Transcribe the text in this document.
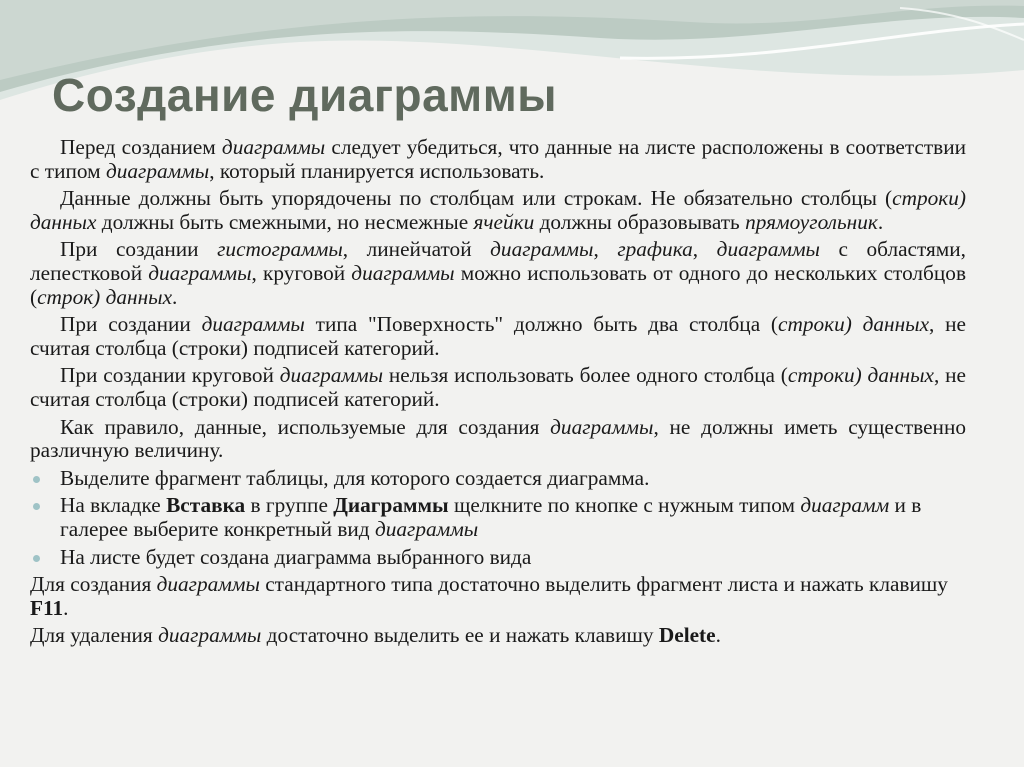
Создание диаграммы

Перед созданием диаграммы следует убедиться, что данные на листе расположены в соответствии с типом диаграммы, который планируется использовать.

Данные должны быть упорядочены по столбцам или строкам. Не обязательно столбцы (строки) данных должны быть смежными, но несмежные ячейки должны образовывать прямоугольник.

При создании гистограммы, линейчатой диаграммы, графика, диаграммы с областями, лепестковой диаграммы, круговой диаграммы можно использовать от одного до нескольких столбцов (строк) данных.

При создании диаграммы типа "Поверхность" должно быть два столбца (строки) данных, не считая столбца (строки) подписей категорий.

При создании круговой диаграммы нельзя использовать более одного столбца (строки) данных, не считая столбца (строки) подписей категорий.

Как правило, данные, используемые для создания диаграммы, не должны иметь существенно различную величину.

Выделите фрагмент таблицы, для которого создается диаграмма.
На вкладке Вставка в группе Диаграммы щелкните по кнопке с нужным типом диаграмм и в галерее выберите конкретный вид диаграммы
На листе будет создана диаграмма выбранного вида

Для создания диаграммы стандартного типа достаточно выделить фрагмент листа и нажать клавишу F11.

Для удаления диаграммы достаточно выделить ее и нажать клавишу Delete.
